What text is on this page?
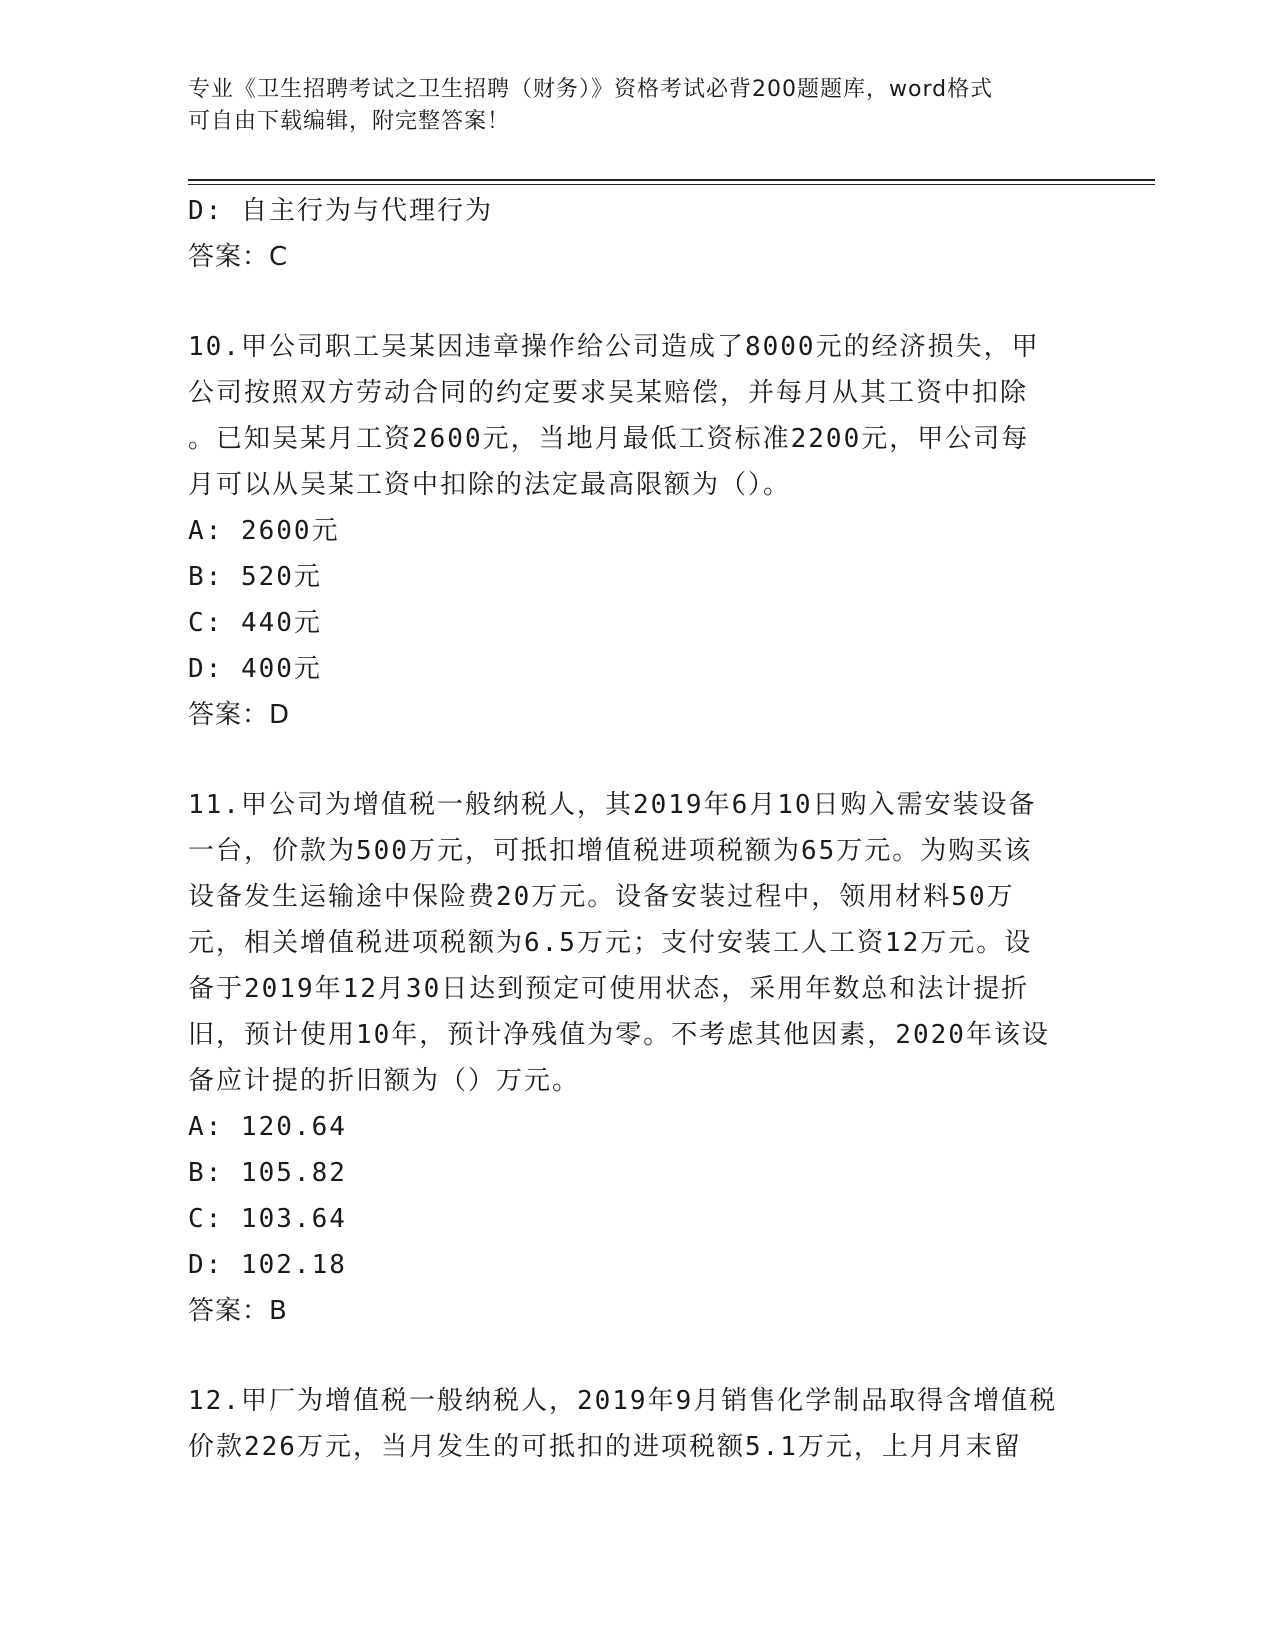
专业《卫生招聘考试之卫生招聘（财务）》资格考试必背200题题库，word格式
可自由下载编辑，附完整答案！
D: 自主行为与代理行为
答案：C
10.甲公司职工吴某因违章操作给公司造成了8000元的经济损失，甲
公司按照双方劳动合同的约定要求吴某赔偿，并每月从其工资中扣除
。已知吴某月工资2600元，当地月最低工资标准2200元，甲公司每
月可以从吴某工资中扣除的法定最高限额为（）。
A: 2600元
B: 520元
C: 440元
D: 400元
答案：D
11.甲公司为增值税一般纳税人，其2019年6月10日购入需安装设备
一台，价款为500万元，可抵扣增值税进项税额为65万元。为购买该
设备发生运输途中保险费20万元。设备安装过程中，领用材料50万
元，相关增值税进项税额为6.5万元；支付安装工人工资12万元。设
备于2019年12月30日达到预定可使用状态，采用年数总和法计提折
旧，预计使用10年，预计净残值为零。不考虑其他因素，2020年该设
备应计提的折旧额为（）万元。
A: 120.64
B: 105.82
C: 103.64
D: 102.18
答案：B
12.甲厂为增值税一般纳税人，2019年9月销售化学制品取得含增值税
价款226万元，当月发生的可抵扣的进项税额5.1万元，上月月末留
